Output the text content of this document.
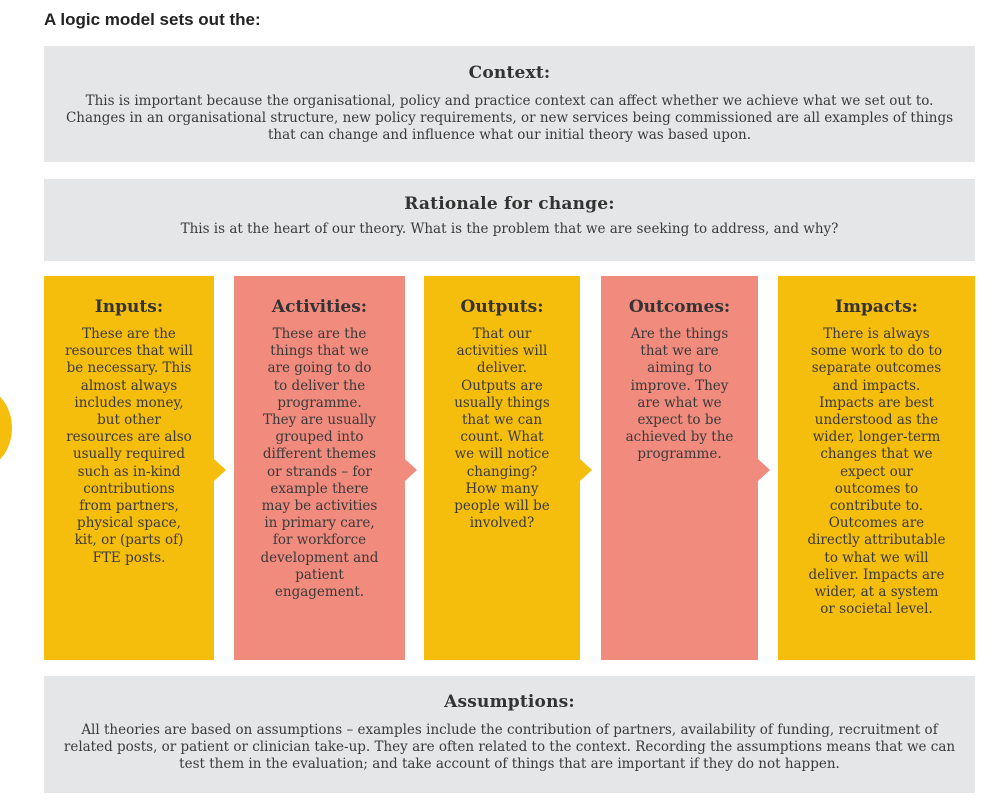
A logic model sets out the:
Context:
This is important because the organisational, policy and practice context can affect whether we achieve what we set out to. Changes in an organisational structure, new policy requirements, or new services being commissioned are all examples of things that can change and influence what our initial theory was based upon.
Rationale for change:
This is at the heart of our theory. What is the problem that we are seeking to address, and why?
Inputs:
These are the resources that will be necessary. This almost always includes money, but other resources are also usually required such as in-kind contributions from partners, physical space, kit, or (parts of) FTE posts.
Activities:
These are the things that we are going to do to deliver the programme. They are usually grouped into different themes or strands – for example there may be activities in primary care, for workforce development and patient engagement.
Outputs:
That our activities will deliver. Outputs are usually things that we can count. What we will notice changing? How many people will be involved?
Outcomes:
Are the things that we are aiming to improve. They are what we expect to be achieved by the programme.
Impacts:
There is always some work to do to separate outcomes and impacts. Impacts are best understood as the wider, longer-term changes that we expect our outcomes to contribute to. Outcomes are directly attributable to what we will deliver. Impacts are wider, at a system or societal level.
Assumptions:
All theories are based on assumptions – examples include the contribution of partners, availability of funding, recruitment of related posts, or patient or clinician take-up. They are often related to the context. Recording the assumptions means that we can test them in the evaluation; and take account of things that are important if they do not happen.
